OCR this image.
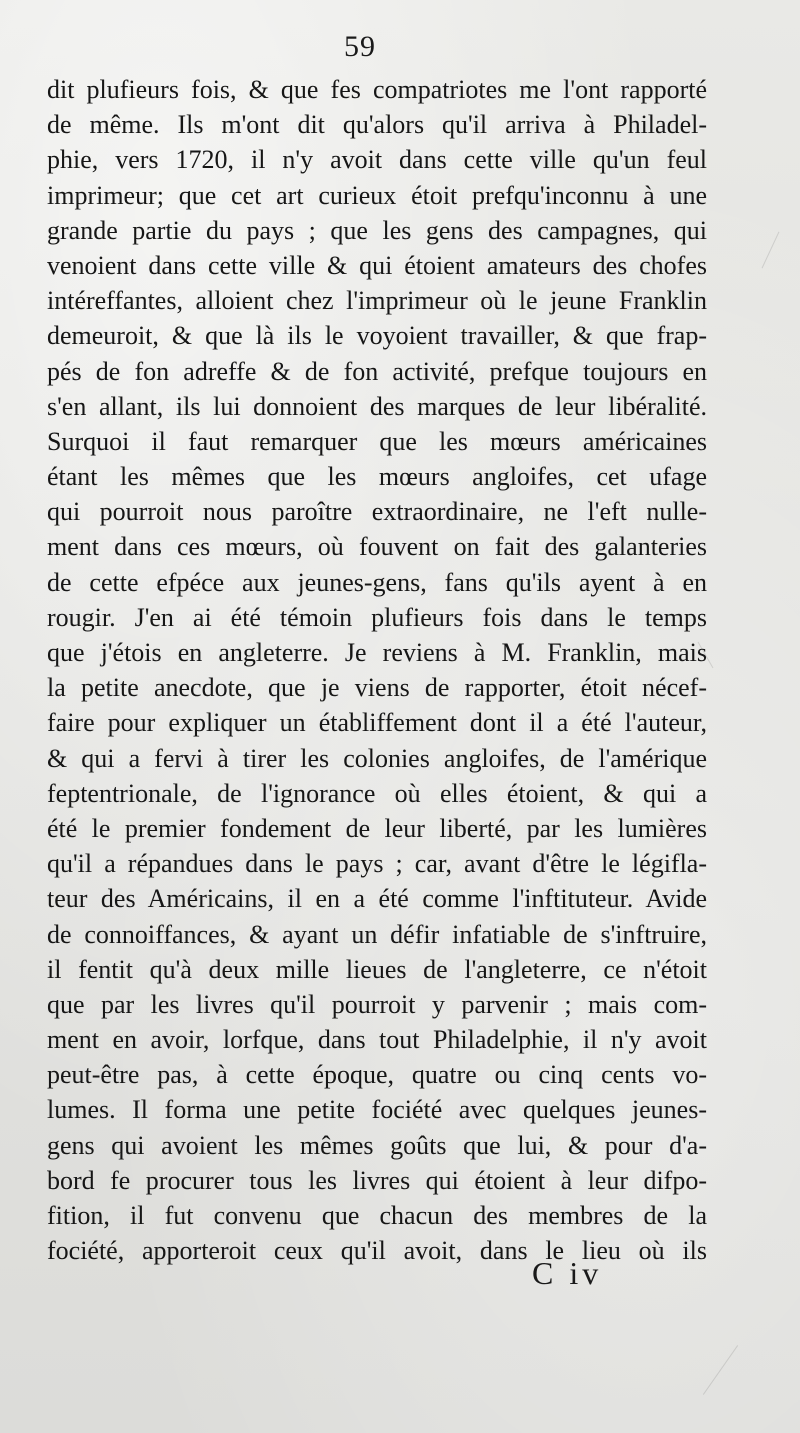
59
dit plufieurs fois, & que fes compatriotes me l'ont rapporté
de même. Ils m'ont dit qu'alors qu'il arriva à Philadel-
phie, vers 1720, il n'y avoit dans cette ville qu'un feul
imprimeur; que cet art curieux étoit prefqu'inconnu à une
grande partie du pays ; que les gens des campagnes, qui
venoient dans cette ville & qui étoient amateurs des chofes
intéreffantes, alloient chez l'imprimeur où le jeune Franklin
demeuroit, & que là ils le voyoient travailler, & que frap-
pés de fon adreffe & de fon activité, prefque toujours en
s'en allant, ils lui donnoient des marques de leur libéralité.
Surquoi il faut remarquer que les mœurs américaines
étant les mêmes que les mœurs angloifes, cet ufage
qui pourroit nous paroître extraordinaire, ne l'eft nulle-
ment dans ces mœurs, où fouvent on fait des galanteries
de cette efpéce aux jeunes-gens, fans qu'ils ayent à en
rougir. J'en ai été témoin plufieurs fois dans le temps
que j'étois en angleterre. Je reviens à M. Franklin, mais
la petite anecdote, que je viens de rapporter, étoit nécef-
faire pour expliquer un établiffement dont il a été l'auteur,
& qui a fervi à tirer les colonies angloifes, de l'amérique
feptentrionale, de l'ignorance où elles étoient, & qui a
été le premier fondement de leur liberté, par les lumières
qu'il a répandues dans le pays ; car, avant d'être le légifla-
teur des Américains, il en a été comme l'inftituteur. Avide
de connoiffances, & ayant un défir infatiable de s'inftruire,
il fentit qu'à deux mille lieues de l'angleterre, ce n'étoit
que par les livres qu'il pourroit y parvenir ; mais com-
ment en avoir, lorfque, dans tout Philadelphie, il n'y avoit
peut-être pas, à cette époque, quatre ou cinq cents vo-
lumes. Il forma une petite fociété avec quelques jeunes-
gens qui avoient les mêmes goûts que lui, & pour d'a-
bord fe procurer tous les livres qui étoient à leur difpo-
fition, il fut convenu que chacun des membres de la
fociété, apporteroit ceux qu'il avoit, dans le lieu où ils
C iv
